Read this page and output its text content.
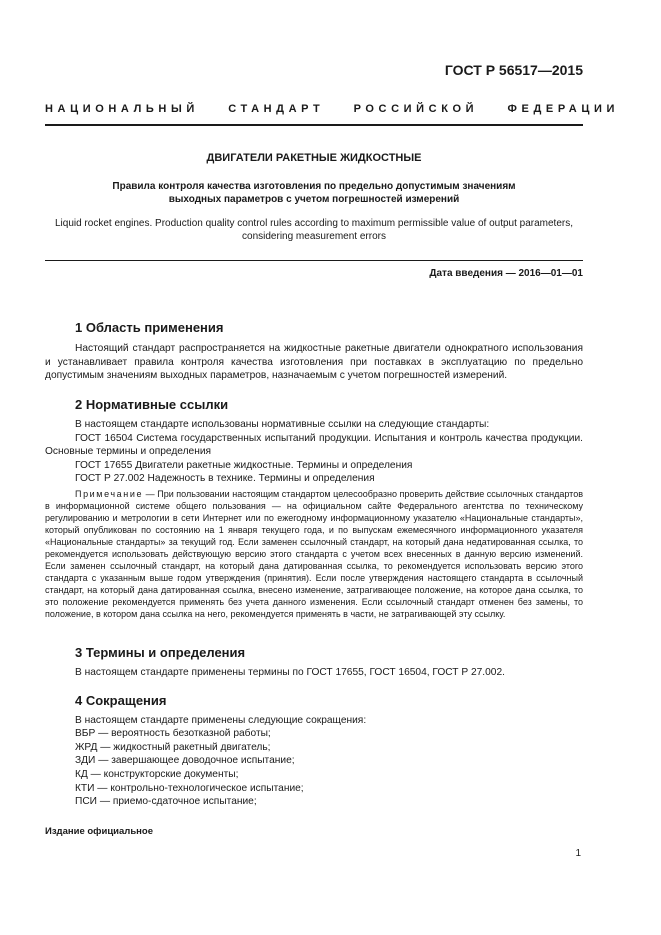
ГОСТ Р 56517—2015
НАЦИОНАЛЬНЫЙ СТАНДАРТ РОССИЙСКОЙ ФЕДЕРАЦИИ
ДВИГАТЕЛИ РАКЕТНЫЕ ЖИДКОСТНЫЕ
Правила контроля качества изготовления по предельно допустимым значениям
выходных параметров с учетом погрешностей измерений
Liquid rocket engines. Production quality control rules according to maximum permissible value of output parameters,
considering measurement errors
Дата введения — 2016—01—01
1 Область применения
Настоящий стандарт распространяется на жидкостные ракетные двигатели однократного использования и устанавливает правила контроля качества изготовления при поставках в эксплуатацию по предельно допустимым значениям выходных параметров, назначаемым с учетом погрешностей измерений.
2 Нормативные ссылки
В настоящем стандарте использованы нормативные ссылки на следующие стандарты:
ГОСТ 16504 Система государственных испытаний продукции. Испытания и контроль качества продукции. Основные термины и определения
ГОСТ 17655 Двигатели ракетные жидкостные. Термины и определения
ГОСТ Р 27.002 Надежность в технике. Термины и определения
Примечание — При пользовании настоящим стандартом целесообразно проверить действие ссылочных стандартов в информационной системе общего пользования — на официальном сайте Федерального агентства по техническому регулированию и метрологии в сети Интернет или по ежегодному информационному указателю «Национальные стандарты», который опубликован по состоянию на 1 января текущего года, и по выпускам ежемесячного информационного указателя «Национальные стандарты» за текущий год. Если заменен ссылочный стандарт, на который дана недатированная ссылка, то рекомендуется использовать действующую версию этого стандарта с учетом всех внесенных в данную версию изменений. Если заменен ссылочный стандарт, на который дана датированная ссылка, то рекомендуется использовать версию этого стандарта с указанным выше годом утверждения (принятия). Если после утверждения настоящего стандарта в ссылочный стандарт, на который дана датированная ссылка, внесено изменение, затрагивающее положение, на которое дана ссылка, то это положение рекомендуется применять без учета данного изменения. Если ссылочный стандарт отменен без замены, то положение, в котором дана ссылка на него, рекомендуется применять в части, не затрагивающей эту ссылку.
3 Термины и определения
В настоящем стандарте применены термины по ГОСТ 17655, ГОСТ 16504, ГОСТ Р 27.002.
4 Сокращения
В настоящем стандарте применены следующие сокращения:
ВБР — вероятность безотказной работы;
ЖРД — жидкостный ракетный двигатель;
ЗДИ — завершающее доводочное испытание;
КД — конструкторские документы;
КТИ — контрольно-технологическое испытание;
ПСИ — приемо-сдаточное испытание;
Издание официальное
1
